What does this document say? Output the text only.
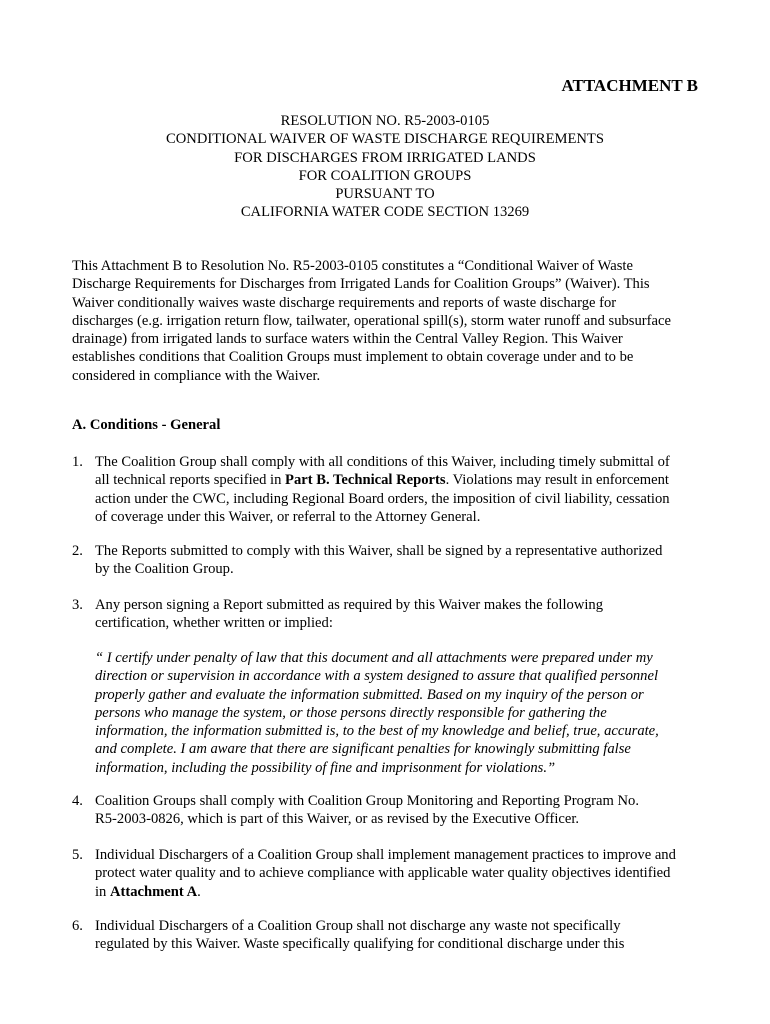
ATTACHMENT B
RESOLUTION NO. R5-2003-0105
CONDITIONAL WAIVER OF WASTE DISCHARGE REQUIREMENTS
FOR DISCHARGES FROM IRRIGATED LANDS
FOR COALITION GROUPS
PURSUANT TO
CALIFORNIA WATER CODE SECTION 13269
This Attachment B to Resolution No. R5-2003-0105 constitutes a “Conditional Waiver of Waste
Discharge Requirements for Discharges from Irrigated Lands for Coalition Groups” (Waiver). This
Waiver conditionally waives waste discharge requirements and reports of waste discharge for
discharges (e.g. irrigation return flow, tailwater, operational spill(s), storm water runoff and subsurface
drainage) from irrigated lands to surface waters within the Central Valley Region. This Waiver
establishes conditions that Coalition Groups must implement to obtain coverage under and to be
considered in compliance with the Waiver.
A. Conditions - General
1. The Coalition Group shall comply with all conditions of this Waiver, including timely submittal of
all technical reports specified in Part B. Technical Reports. Violations may result in enforcement
action under the CWC, including Regional Board orders, the imposition of civil liability, cessation
of coverage under this Waiver, or referral to the Attorney General.
2. The Reports submitted to comply with this Waiver, shall be signed by a representative authorized
by the Coalition Group.
3. Any person signing a Report submitted as required by this Waiver makes the following
certification, whether written or implied:
“ I certify under penalty of law that this document and all attachments were prepared under my
direction or supervision in accordance with a system designed to assure that qualified personnel
properly gather and evaluate the information submitted. Based on my inquiry of the person or
persons who manage the system, or those persons directly responsible for gathering the
information, the information submitted is, to the best of my knowledge and belief, true, accurate,
and complete. I am aware that there are significant penalties for knowingly submitting false
information, including the possibility of fine and imprisonment for violations.”
4. Coalition Groups shall comply with Coalition Group Monitoring and Reporting Program No.
R5-2003-0826, which is part of this Waiver, or as revised by the Executive Officer.
5. Individual Dischargers of a Coalition Group shall implement management practices to improve and
protect water quality and to achieve compliance with applicable water quality objectives identified
in Attachment A.
6. Individual Dischargers of a Coalition Group shall not discharge any waste not specifically
regulated by this Waiver. Waste specifically qualifying for conditional discharge under this
